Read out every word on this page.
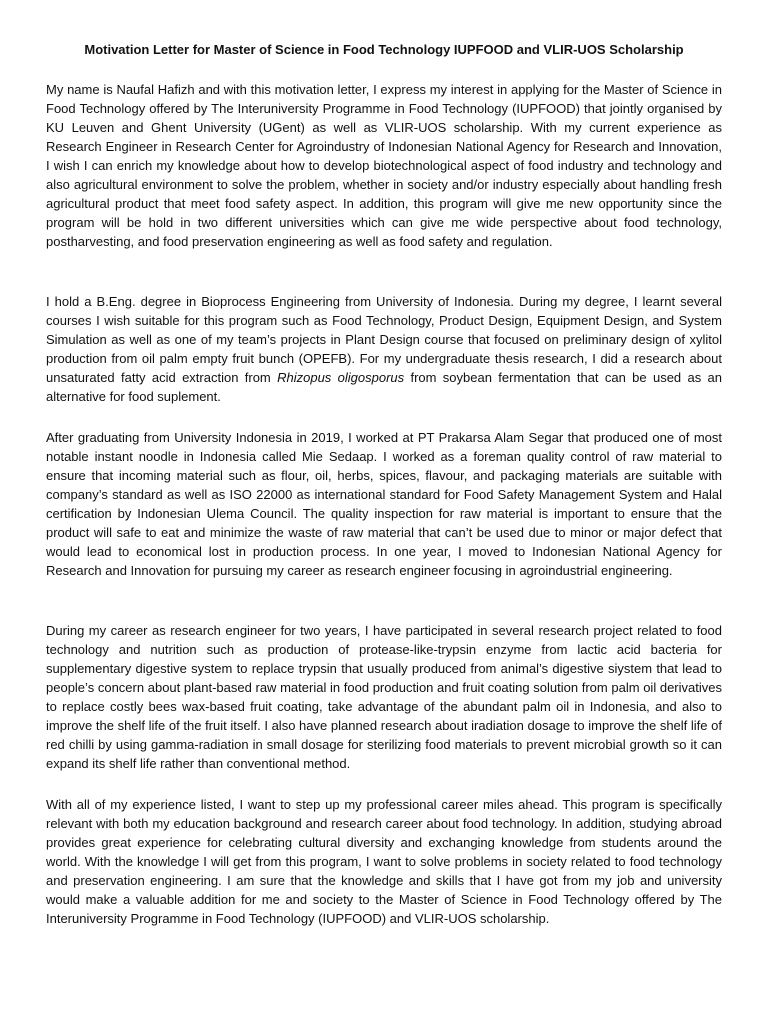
Motivation Letter for Master of Science in Food Technology IUPFOOD and VLIR-UOS Scholarship

My name is Naufal Hafizh and with this motivation letter, I express my interest in applying for the Master of Science in Food Technology offered by The Interuniversity Programme in Food Technology (IUPFOOD) that jointly organised by KU Leuven and Ghent University (UGent) as well as VLIR-UOS scholarship. With my current experience as Research Engineer in Research Center for Agroindustry of Indonesian National Agency for Research and Innovation, I wish I can enrich my knowledge about how to develop biotechnological aspect of food industry and technology and also agricultural environment to solve the problem, whether in society and/or industry especially about handling fresh agricultural product that meet food safety aspect. In addition, this program will give me new opportunity since the program will be hold in two different universities which can give me wide perspective about food technology, postharvesting, and food preservation engineering as well as food safety and regulation.

I hold a B.Eng. degree in Bioprocess Engineering from University of Indonesia. During my degree, I learnt several courses I wish suitable for this program such as Food Technology, Product Design, Equipment Design, and System Simulation as well as one of my team’s projects in Plant Design course that focused on preliminary design of xylitol production from oil palm empty fruit bunch (OPEFB). For my undergraduate thesis research, I did a research about unsaturated fatty acid extraction from Rhizopus oligosporus from soybean fermentation that can be used as an alternative for food suplement.

After graduating from University Indonesia in 2019, I worked at PT Prakarsa Alam Segar that produced one of most notable instant noodle in Indonesia called Mie Sedaap. I worked as a foreman quality control of raw material to ensure that incoming material such as flour, oil, herbs, spices, flavour, and packaging materials are suitable with company’s standard as well as ISO 22000 as international standard for Food Safety Management System and Halal certification by Indonesian Ulema Council. The quality inspection for raw material is important to ensure that the product will safe to eat and minimize the waste of raw material that can’t be used due to minor or major defect that would lead to economical lost in production process. In one year, I moved to Indonesian National Agency for Research and Innovation for pursuing my career as research engineer focusing in agroindustrial engineering.

During my career as research engineer for two years, I have participated in several research project related to food technology and nutrition such as production of protease-like-trypsin enzyme from lactic acid bacteria for supplementary digestive system to replace trypsin that usually produced from animal’s digestive siystem that lead to people’s concern about plant-based raw material in food production and fruit coating solution from palm oil derivatives to replace costly bees wax-based fruit coating, take advantage of the abundant palm oil in Indonesia, and also to improve the shelf life of the fruit itself. I also have planned research about iradiation dosage to improve the shelf life of red chilli by using gamma-radiation in small dosage for sterilizing food materials to prevent microbial growth so it can expand its shelf life rather than conventional method.

With all of my experience listed, I want to step up my professional career miles ahead. This program is specifically relevant with both my education background and research career about food technology. In addition, studying abroad provides great experience for celebrating cultural diversity and exchanging knowledge from students around the world. With the knowledge I will get from this program, I want to solve problems in society related to food technology and preservation engineering. I am sure that the knowledge and skills that I have got from my job and university would make a valuable addition for me and society to the Master of Science in Food Technology offered by The Interuniversity Programme in Food Technology (IUPFOOD) and VLIR-UOS scholarship.
